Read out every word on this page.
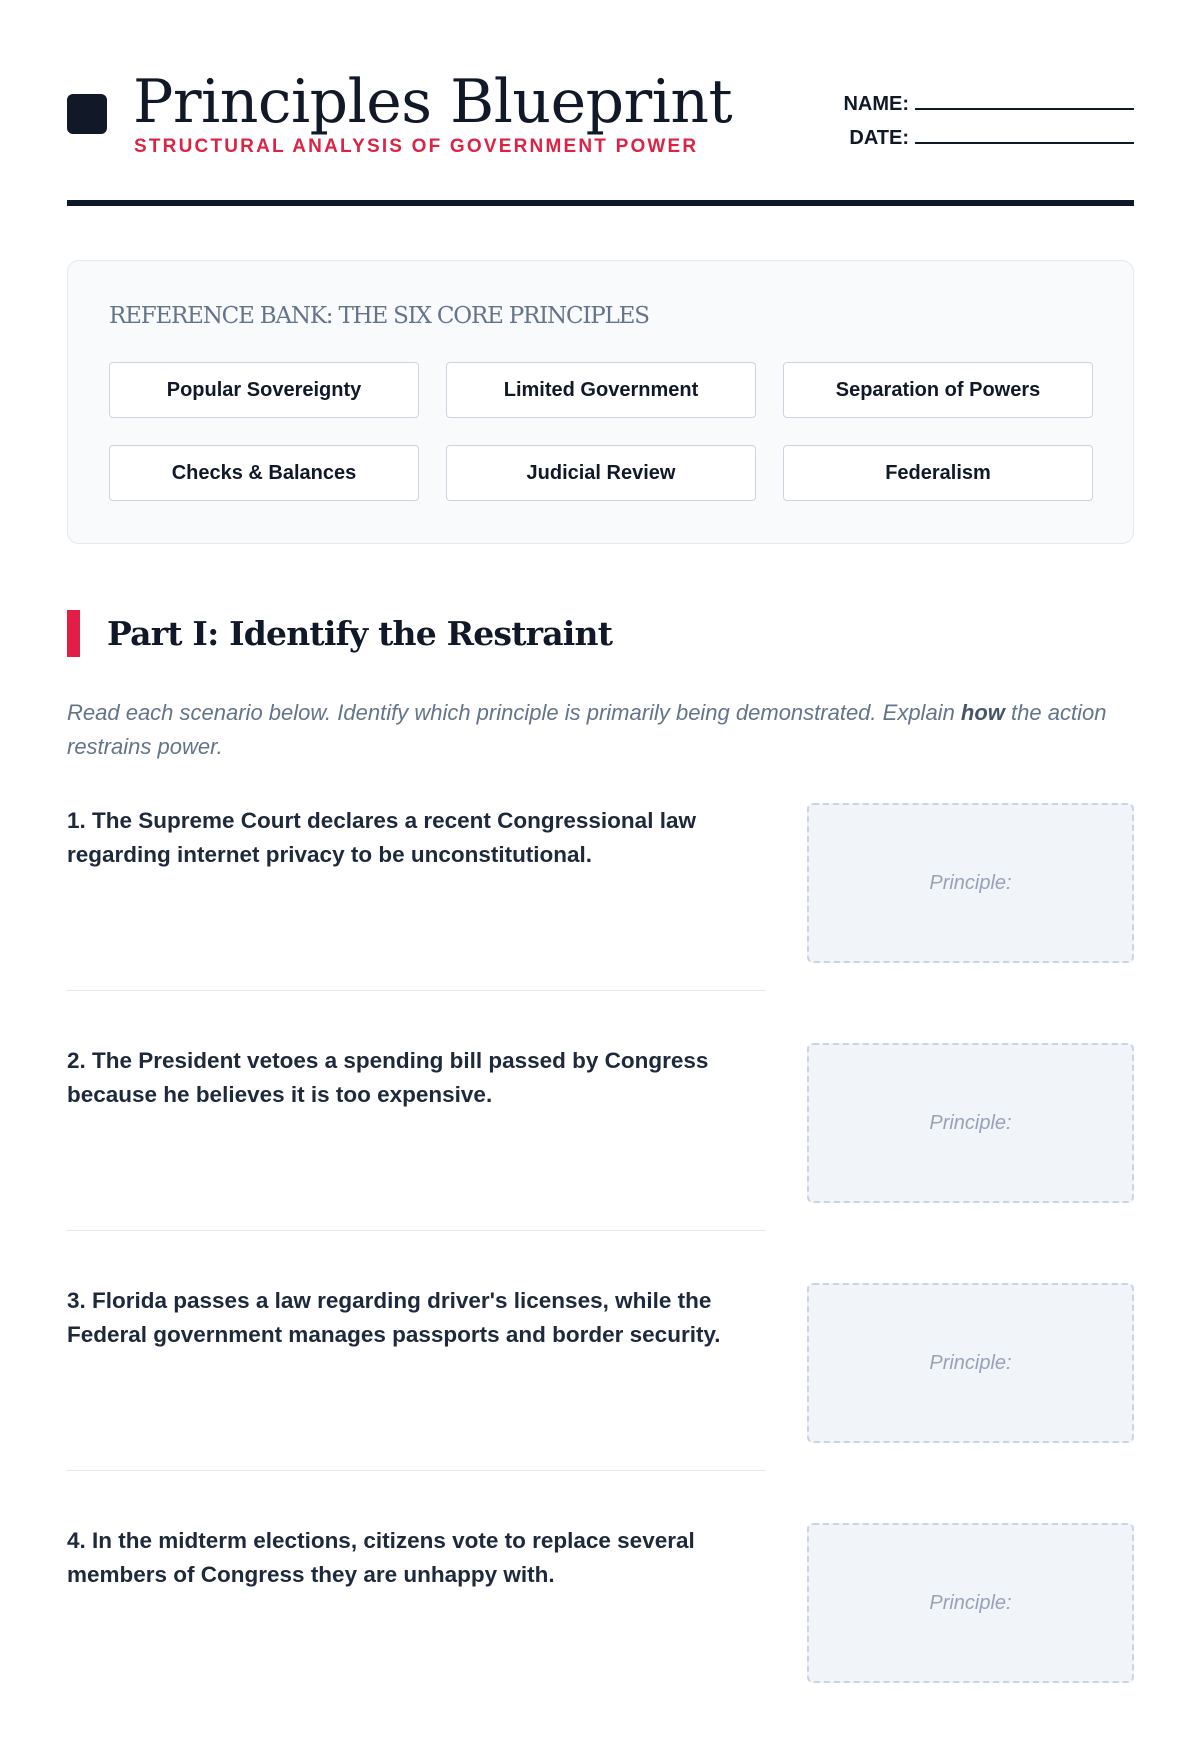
Principles Blueprint
STRUCTURAL ANALYSIS OF GOVERNMENT POWER
NAME:
DATE:
REFERENCE BANK: THE SIX CORE PRINCIPLES
Popular Sovereignty	Limited Government	Separation of Powers
Checks & Balances	Judicial Review	Federalism
Part I: Identify the Restraint
Read each scenario below. Identify which principle is primarily being demonstrated. Explain how the action restrains power.
1. The Supreme Court declares a recent Congressional law regarding internet privacy to be unconstitutional.
Principle:
2. The President vetoes a spending bill passed by Congress because he believes it is too expensive.
Principle:
3. Florida passes a law regarding driver's licenses, while the Federal government manages passports and border security.
Principle:
4. In the midterm elections, citizens vote to replace several members of Congress they are unhappy with.
Principle:
